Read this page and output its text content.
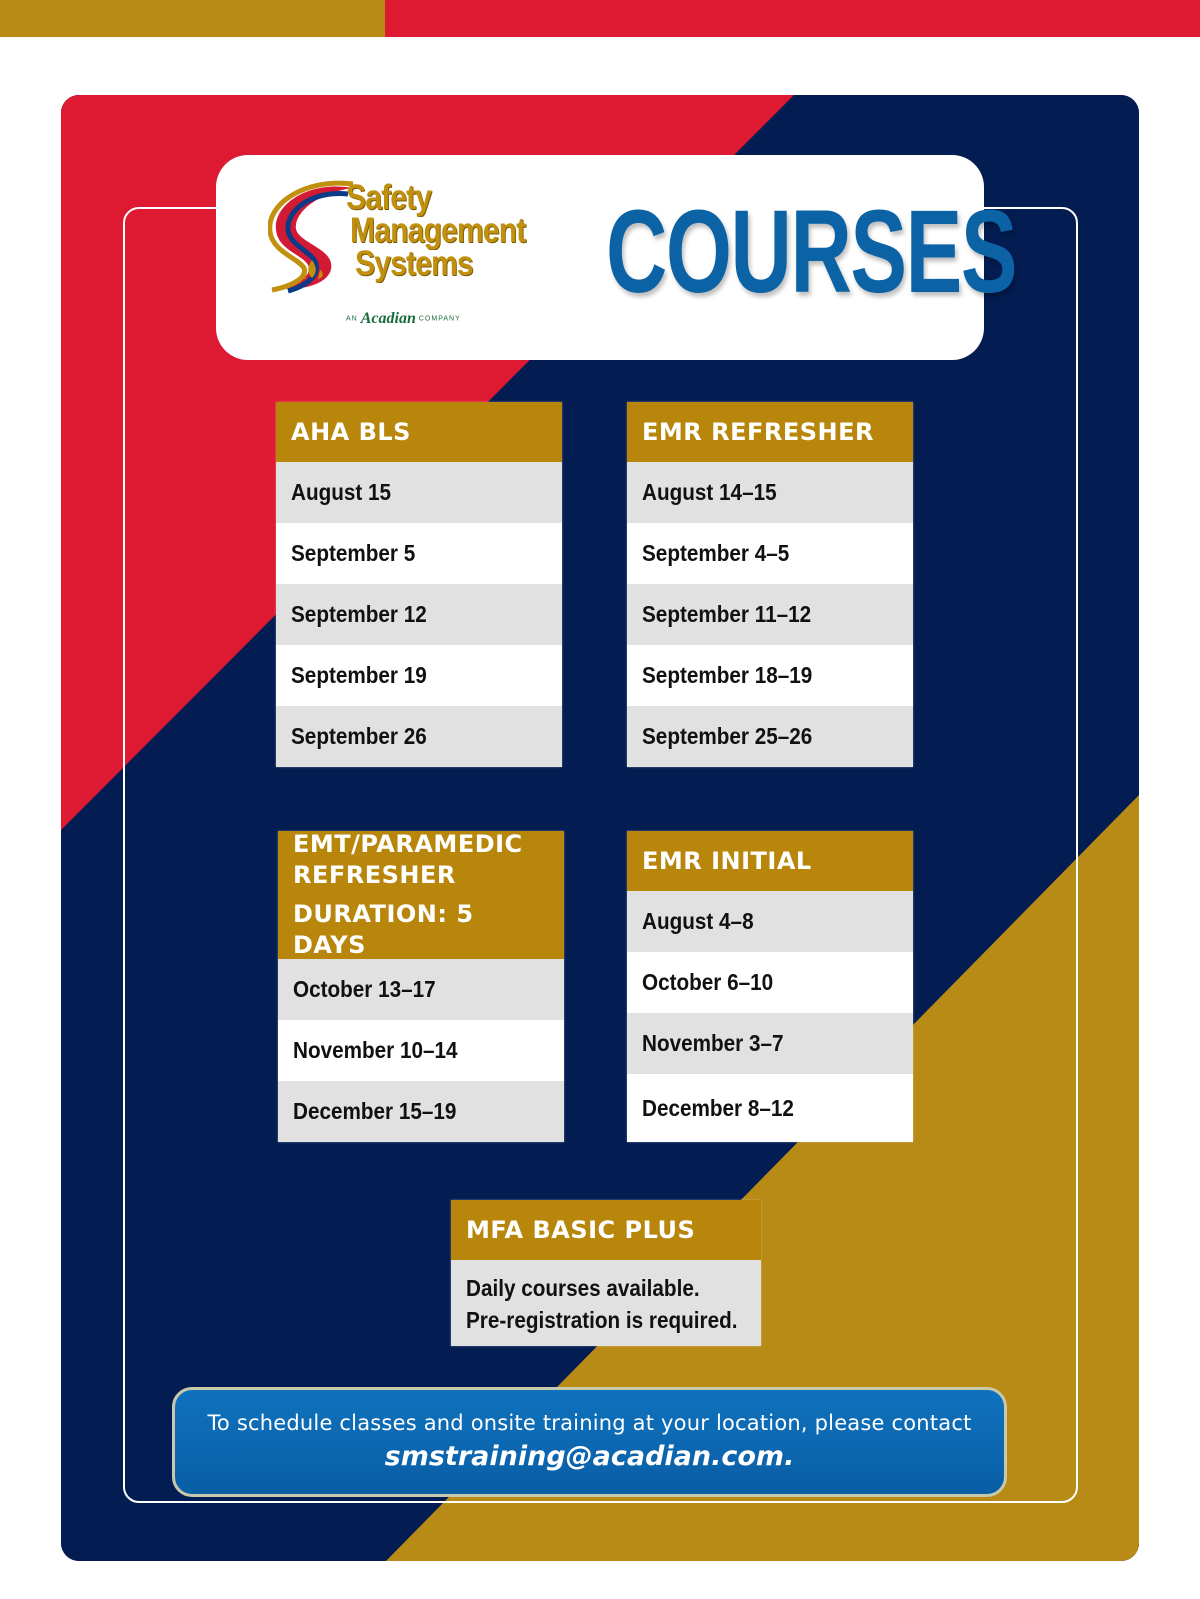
Safety
Management
Systems
AN Acadian COMPANY
COURSES
AHA BLS
August 15
September 5
September 12
September 19
September 26
EMR REFRESHER
August 14–15
September 4–5
September 11–12
September 18–19
September 25–26
EMT/PARAMEDIC
REFRESHER
DURATION: 5 DAYS
October 13–17
November 10–14
December 15–19
EMR INITIAL
August 4–8
October 6–10
November 3–7
December 8–12
MFA BASIC PLUS
Daily courses available.
Pre-registration is required.
To schedule classes and onsite training at your location, please contact
smstraining@acadian.com.
